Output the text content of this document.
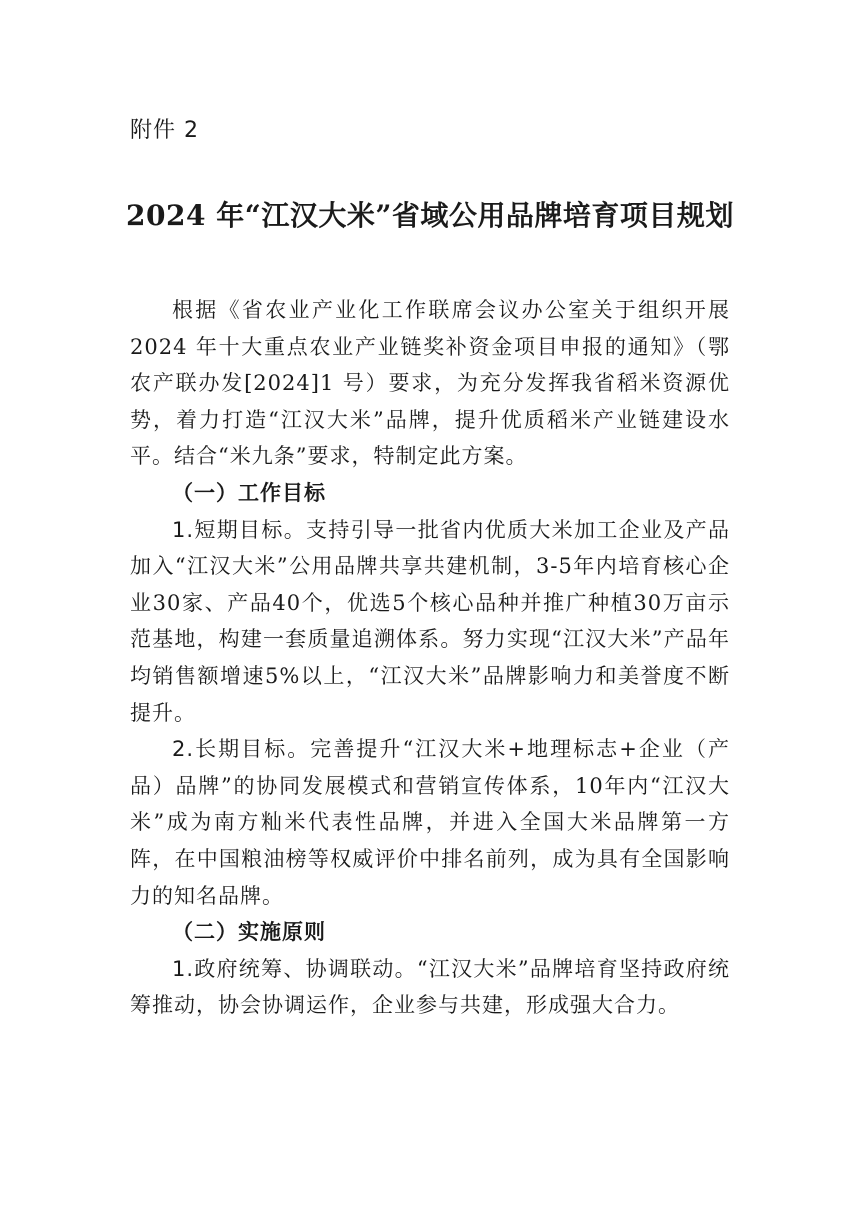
附件 2
2024 年“江汉大米”省域公用品牌培育项目规划

根据《省农业产业化工作联席会议办公室关于组织开展 2024 年十大重点农业产业链奖补资金项目申报的通知》（鄂农产联办发[2024]1 号）要求，为充分发挥我省稻米资源优势，着力打造“江汉大米”品牌，提升优质稻米产业链建设水平。结合“米九条”要求，特制定此方案。

（一）工作目标

1.短期目标。支持引导一批省内优质大米加工企业及产品加入“江汉大米”公用品牌共享共建机制，3-5年内培育核心企业30家、产品40个，优选5个核心品种并推广种植30万亩示范基地，构建一套质量追溯体系。努力实现“江汉大米”产品年均销售额增速5%以上，“江汉大米”品牌影响力和美誉度不断提升。

2.长期目标。完善提升“江汉大米+地理标志+企业（产品）品牌”的协同发展模式和营销宣传体系，10年内“江汉大米”成为南方籼米代表性品牌，并进入全国大米品牌第一方阵，在中国粮油榜等权威评价中排名前列，成为具有全国影响力的知名品牌。

（二）实施原则

1.政府统筹、协调联动。“江汉大米”品牌培育坚持政府统筹推动，协会协调运作，企业参与共建，形成强大合力。
